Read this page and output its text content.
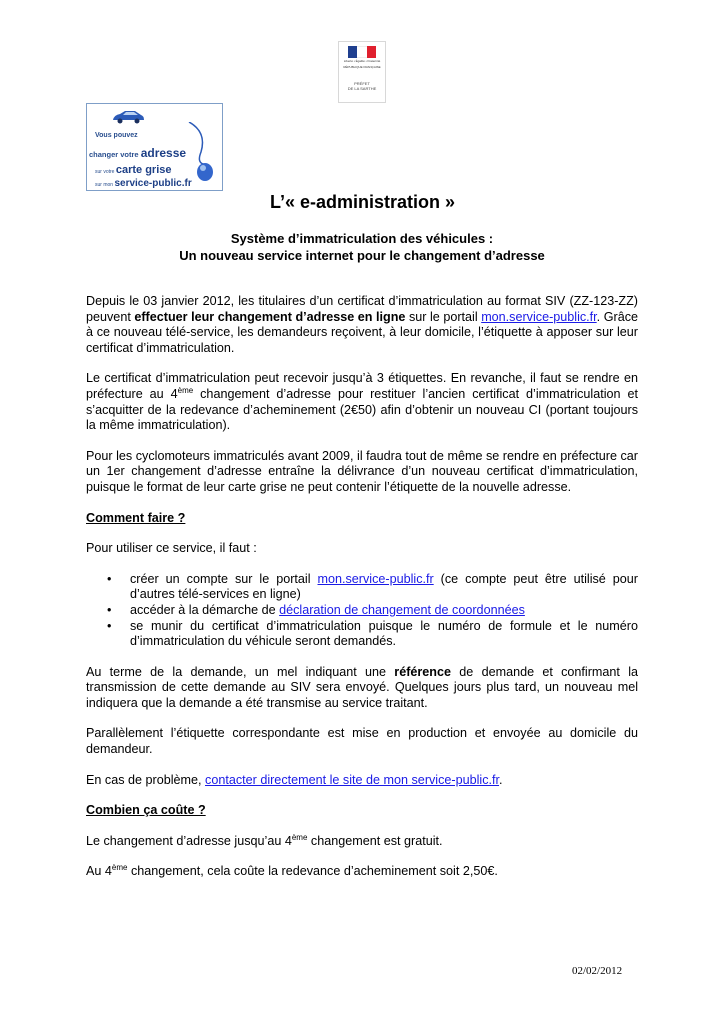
Liberté • Égalité • Fraternité
RÉPUBLIQUE FRANÇAISE
PRÉFET
DE LA SARTHE
Vous pouvez
changer votre adresse
sur votre carte grise
sur mon service-public.fr
L’« e-administration »
Système d’immatriculation des véhicules :
Un nouveau service internet pour le changement d’adresse

Depuis le 03 janvier 2012, les titulaires d’un certificat d’immatriculation au format SIV (ZZ-123-ZZ) peuvent effectuer leur changement d’adresse en ligne sur le portail mon.service-public.fr. Grâce à ce nouveau télé-service, les demandeurs reçoivent, à leur domicile, l’étiquette à apposer sur leur certificat d’immatriculation.

Le certificat d’immatriculation peut recevoir jusqu’à 3 étiquettes. En revanche, il faut se rendre en préfecture au 4ème changement d’adresse pour restituer l’ancien certificat d’immatriculation et s’acquitter de la redevance d’acheminement (2€50) afin d’obtenir un nouveau CI (portant toujours la même immatriculation).

Pour les cyclomoteurs immatriculés avant 2009, il faudra tout de même se rendre en préfecture car un 1er changement d’adresse entraîne la délivrance d’un nouveau certificat d’immatriculation, puisque le format de leur carte grise ne peut contenir l’étiquette de la nouvelle adresse.

Comment faire ?

Pour utiliser ce service, il faut :

• créer un compte sur le portail mon.service-public.fr (ce compte peut être utilisé pour d’autres télé-services en ligne)
• accéder à la démarche de déclaration de changement de coordonnées
• se munir du certificat d’immatriculation puisque le numéro de formule et le numéro d’immatriculation du véhicule seront demandés.

Au terme de la demande, un mel indiquant une référence de demande et confirmant la transmission de cette demande au SIV sera envoyé. Quelques jours plus tard, un nouveau mel indiquera que la demande a été transmise au service traitant.

Parallèlement l’étiquette correspondante est mise en production et envoyée au domicile du demandeur.

En cas de problème, contacter directement le site de mon service-public.fr.

Combien ça coûte ?

Le changement d’adresse jusqu’au 4ème changement est gratuit.

Au 4ème changement, cela coûte la redevance d’acheminement soit 2,50€.

02/02/2012
